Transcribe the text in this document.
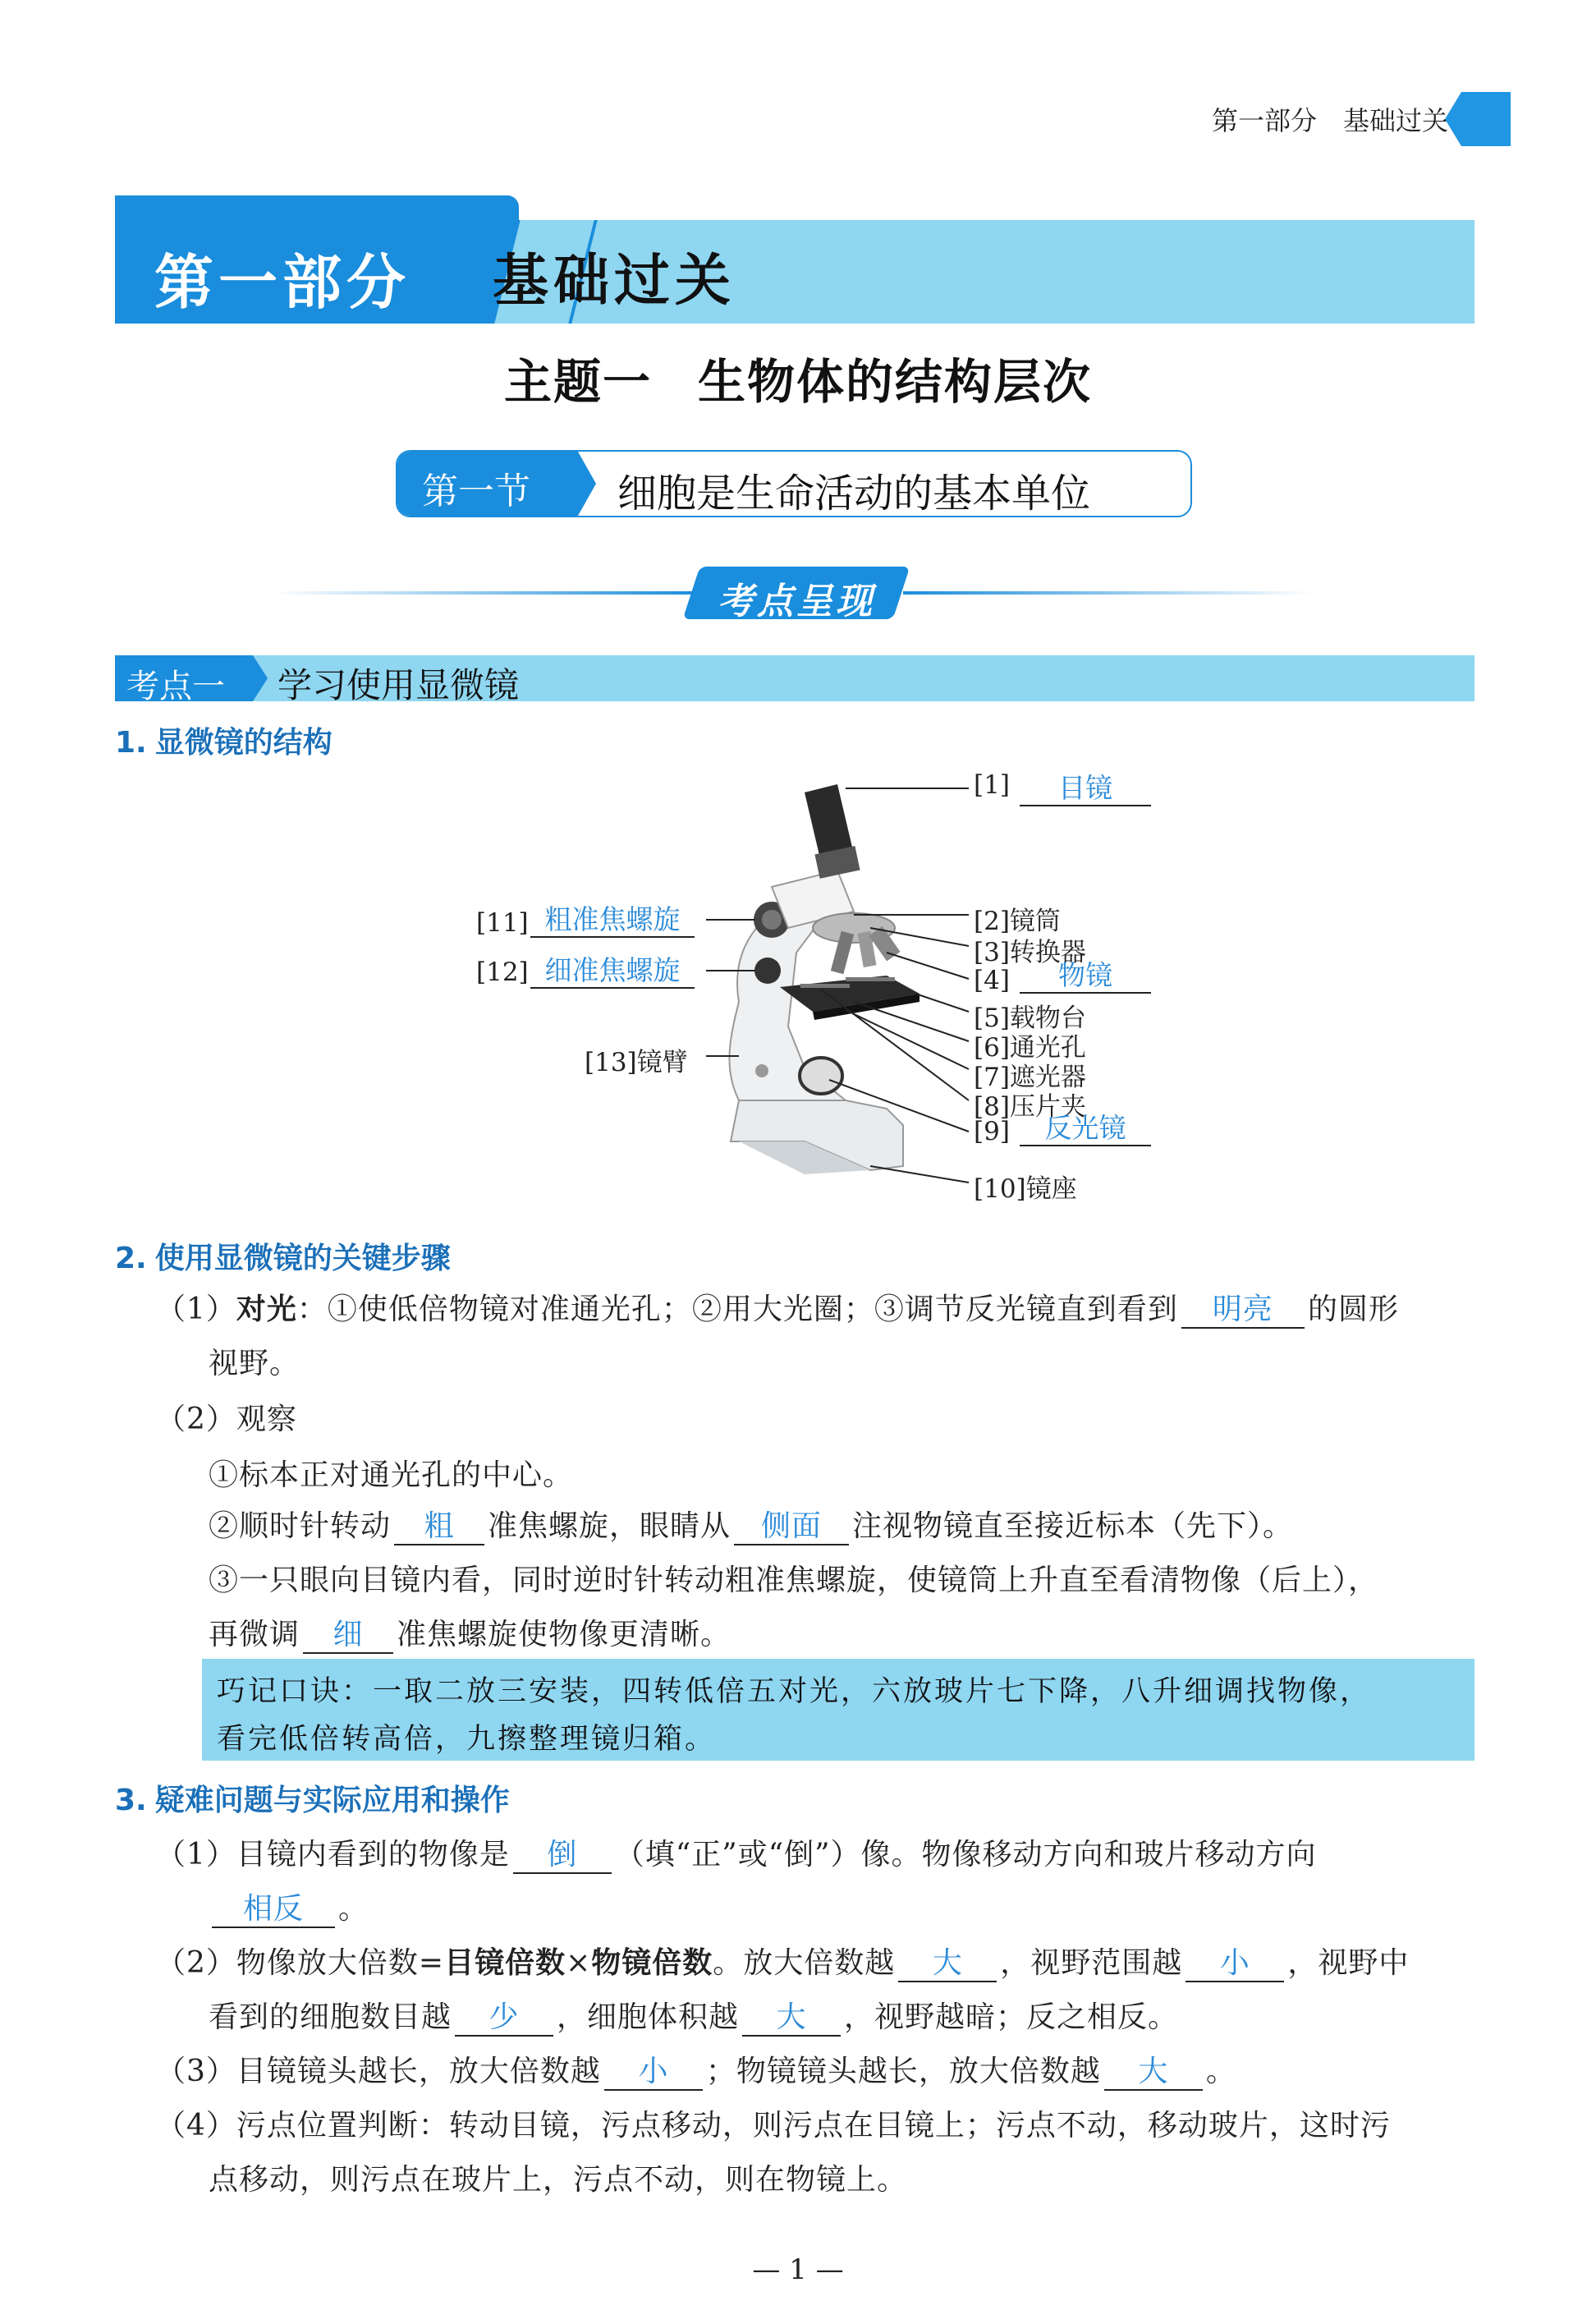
第一部分　基础过关
第一部分 基础过关
主题一 生物体的结构层次
第一节 细胞是生命活动的基本单位
考点呈现
考点一 学习使用显微镜
1. 显微镜的结构
[1]	目镜
[2]镜筒
[3]转换器
[4]	物镜
[5]载物台
[6]通光孔
[7]遮光器
[8]压片夹
[9]	反光镜
[10]镜座
[11] 粗准焦螺旋
[12] 细准焦螺旋
[13]镜臂
2. 使用显微镜的关键步骤
（1）对光：①使低倍物镜对准通光孔；②用大光圈；③调节反光镜直到看到 明亮 的圆形
视野。
（2）观察
①标本正对通光孔的中心。
②顺时针转动 粗 准焦螺旋，眼睛从 侧面 注视物镜直至接近标本（先下）。
③一只眼向目镜内看，同时逆时针转动粗准焦螺旋，使镜筒上升直至看清物像（后上），
再微调 细 准焦螺旋使物像更清晰。
巧记口诀：一取二放三安装，四转低倍五对光，六放玻片七下降，八升细调找物像，
看完低倍转高倍，九擦整理镜归箱。
3. 疑难问题与实际应用和操作
（1）目镜内看到的物像是 倒 （填“正”或“倒”）像。物像移动方向和玻片移动方向
相反 。
（2）物像放大倍数=目镜倍数×物镜倍数。放大倍数越 大 ，视野范围越 小 ，视野中
看到的细胞数目越 少 ，细胞体积越 大 ，视野越暗；反之相反。
（3）目镜镜头越长，放大倍数越 小 ；物镜镜头越长，放大倍数越 大 。
（4）污点位置判断：转动目镜，污点移动，则污点在目镜上；污点不动，移动玻片，这时污
点移动，则污点在玻片上，污点不动，则在物镜上。
— 1 —
